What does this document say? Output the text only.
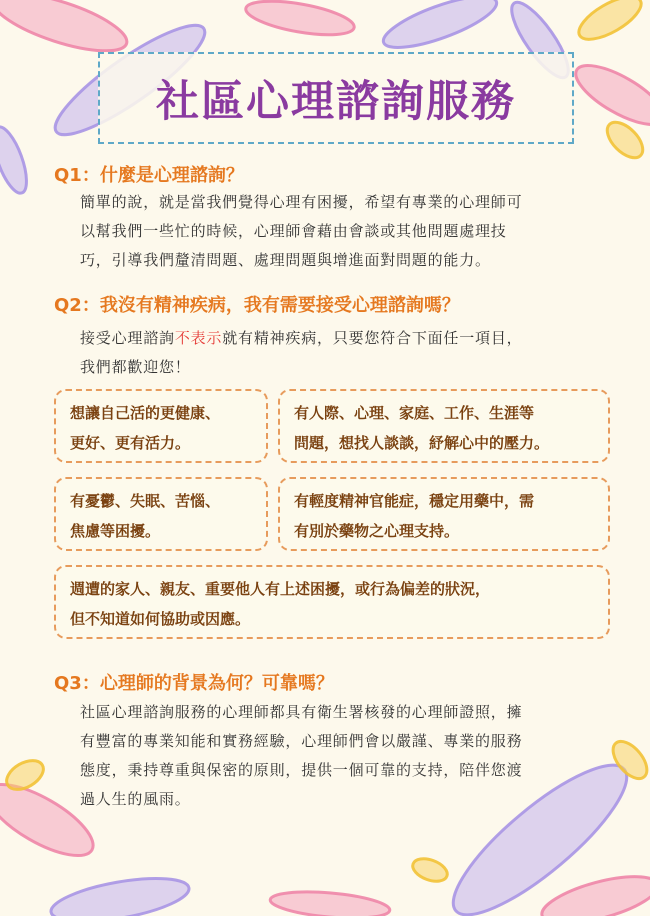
社區心理諮詢服務
Q1：什麼是心理諮詢？
簡單的說，就是當我們覺得心理有困擾，希望有專業的心理師可
以幫我們一些忙的時候，心理師會藉由會談或其他問題處理技
巧，引導我們釐清問題、處理問題與增進面對問題的能力。
Q2：我沒有精神疾病，我有需要接受心理諮詢嗎？
接受心理諮詢不表示就有精神疾病，只要您符合下面任一項目，
我們都歡迎您！
想讓自己活的更健康、
更好、更有活力。
有人際、心理、家庭、工作、生涯等
問題，想找人談談，紓解心中的壓力。
有憂鬱、失眠、苦惱、
焦慮等困擾。
有輕度精神官能症，穩定用藥中，需
有別於藥物之心理支持。
週遭的家人、親友、重要他人有上述困擾，或行為偏差的狀況，
但不知道如何協助或因應。
Q3：心理師的背景為何？可靠嗎？
社區心理諮詢服務的心理師都具有衛生署核發的心理師證照，擁
有豐富的專業知能和實務經驗，心理師們會以嚴謹、專業的服務
態度，秉持尊重與保密的原則，提供一個可靠的支持，陪伴您渡
過人生的風雨。
